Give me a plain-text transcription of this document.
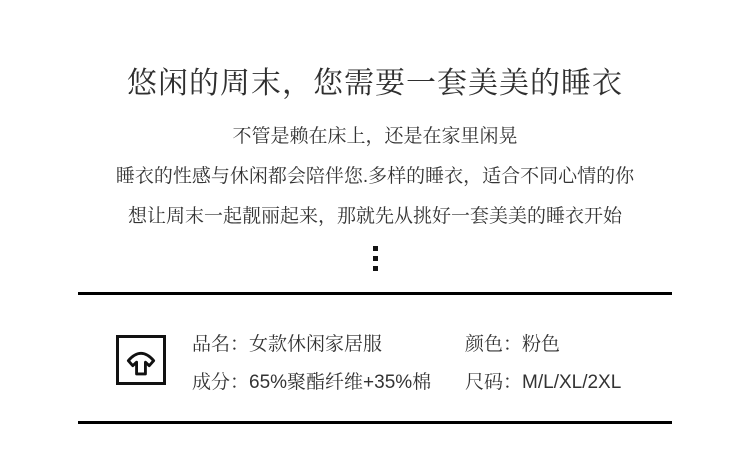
悠闲的周末，您需要一套美美的睡衣
不管是赖在床上，还是在家里闲晃
睡衣的性感与休闲都会陪伴您.多样的睡衣，适合不同心情的你
想让周末一起靓丽起来，那就先从挑好一套美美的睡衣开始
品名：女款休闲家居服
成分：65%聚酯纤维+35%棉
颜色：粉色
尺码：M/L/XL/2XL
